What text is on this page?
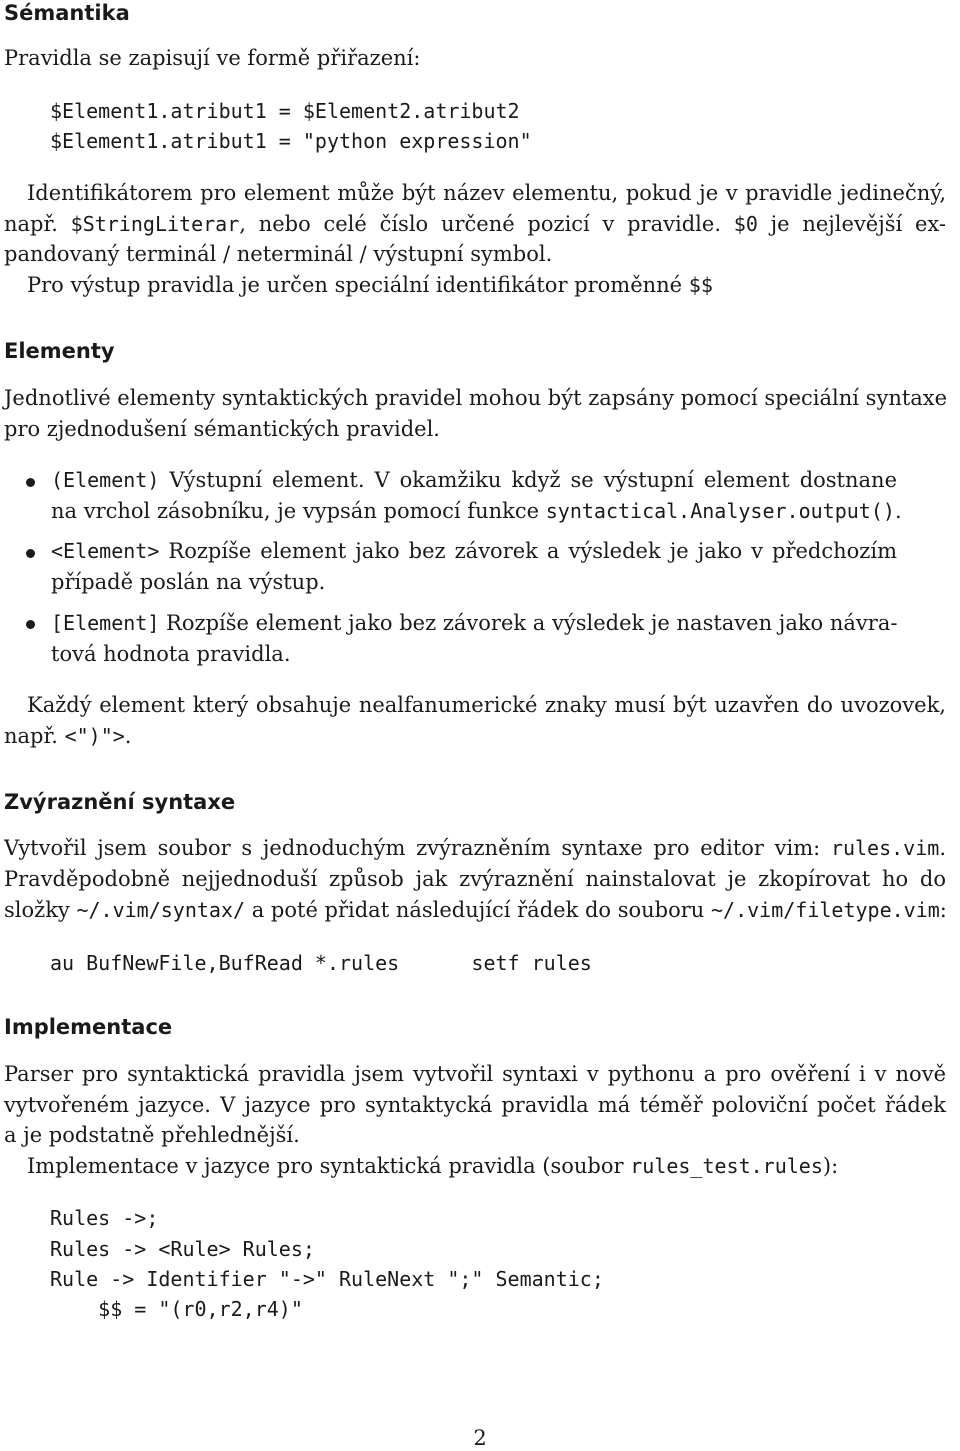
Sémantika
Pravidla se zapisují ve formě přiřazení:
$Element1.atribut1 = $Element2.atribut2
$Element1.atribut1 = "python expression"
Identifikátorem pro element může být název elementu, pokud je v pravidle jedinečný,
např. $StringLiterar, nebo celé číslo určené pozicí v pravidle. $0 je nejlevější ex-
pandovaný terminál / neterminál / výstupní symbol.
Pro výstup pravidla je určen speciální identifikátor proměnné $$
Elementy
Jednotlivé elementy syntaktických pravidel mohou být zapsány pomocí speciální syntaxe
pro zjednodušení sémantických pravidel.
(Element) Výstupní element. V okamžiku když se výstupní element dostnane
na vrchol zásobníku, je vypsán pomocí funkce syntactical.Analyser.output().
<Element> Rozpíše element jako bez závorek a výsledek je jako v předchozím
případě poslán na výstup.
[Element] Rozpíše element jako bez závorek a výsledek je nastaven jako návra-
tová hodnota pravidla.
Každý element který obsahuje nealfanumerické znaky musí být uzavřen do uvozovek,
např. <")">.
Zvýraznění syntaxe
Vytvořil jsem soubor s jednoduchým zvýrazněním syntaxe pro editor vim: rules.vim.
Pravděpodobně nejjednoduší způsob jak zvýraznění nainstalovat je zkopírovat ho do
složky ~/.vim/syntax/ a poté přidat následující řádek do souboru ~/.vim/filetype.vim:
au BufNewFile,BufRead *.rules      setf rules
Implementace
Parser pro syntaktická pravidla jsem vytvořil syntaxi v pythonu a pro ověření i v nově
vytvořeném jazyce. V jazyce pro syntaktycká pravidla má téměř poloviční počet řádek
a je podstatně přehlednější.
Implementace v jazyce pro syntaktická pravidla (soubor rules_test.rules):
Rules ->;
Rules -> <Rule> Rules;
Rule -> Identifier "->" RuleNext ";" Semantic;
$$ = "(r0,r2,r4)"
2
